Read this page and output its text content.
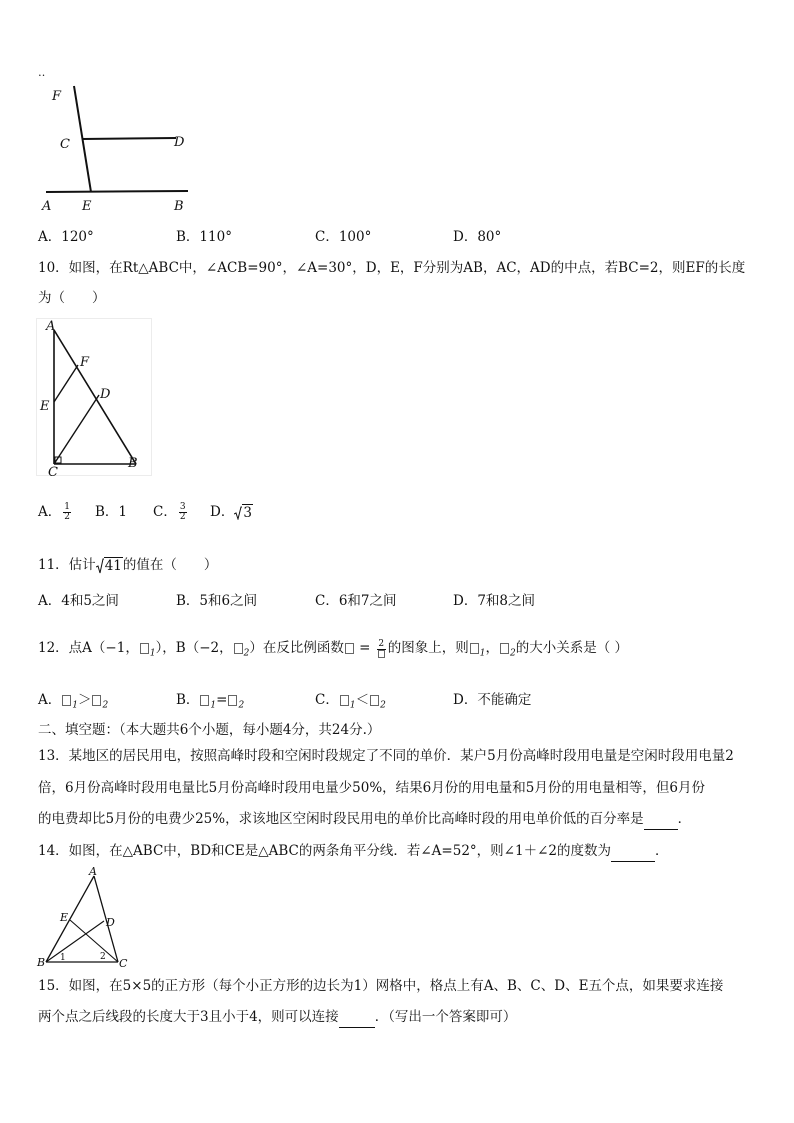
‥
F
C	D
A E	B
A．120°	B．110°	C．100°	D．80°
10．如图，在Rt△ABC中，∠ACB=90°，∠A=30°，D，E，F分别为AB，AC，AD的中点，若BC=2，则EF的长度
为（　　）
A
F
D
E
C
B
A． $\frac{1}{2}$ B．1 C． $\frac{3}{2}$ D． 3
11．估计 41的值在（　　）
A．4和5之间	B．5和6之间	C．6和7之间	D．7和8之间
12．点A（−1， $_1$），B（−2， $_2$）在反比例函数 = 2 的图象上，则 $_1$， $_2$的大小关系是（ ）
A． $_1$＞ $_2$	B． $_1$= $_2$	C． $_1$＜ $_2$	D．不能确定
二、填空题：（本大题共6个小题，每小题4分，共24分.）
13．某地区的居民用电，按照高峰时段和空闲时段规定了不同的单价．某户5月份高峰时段用电量是空闲时段用电量2
倍，6月份高峰时段用电量比5月份高峰时段用电量少50%，结果6月份的用电量和5月份的用电量相等，但6月份
的电费却比5月份的电费少25%，求该地区空闲时段民用电的单价比高峰时段的用电单价低的百分率是	．
14．如图，在△ABC中，BD和CE是△ABC的两条角平分线．若∠A=52°，则∠1＋∠2的度数为	．
A
E	D
B	C
1	2
15．如图，在5×5的正方形（每个小正方形的边长为1）网格中，格点上有A、B、C、D、E五个点，如果要求连接
两个点之后线段的长度大于3且小于4，则可以连接	．（写出一个答案即可）
